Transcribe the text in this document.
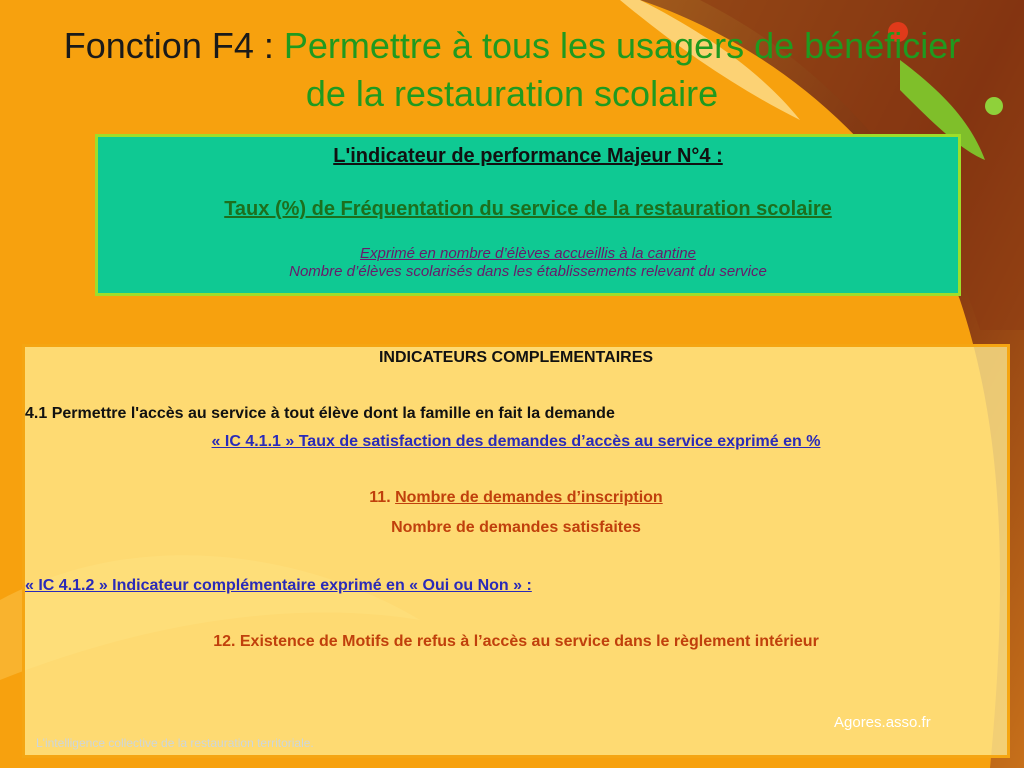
Fonction F4 : Permettre à tous les usagers de bénéficier de la restauration scolaire
L'indicateur de performance Majeur N°4 :
Taux (%) de Fréquentation du service de la restauration scolaire
Exprimé en nombre d’élèves accueillis à la cantine
Nombre d’élèves scolarisés dans les établissements relevant du service
INDICATEURS COMPLEMENTAIRES
4.1 Permettre l'accès au service à tout élève dont la famille en fait la demande
« IC 4.1.1 » Taux de satisfaction des demandes d’accès au service exprimé en %
11. Nombre de demandes d’inscription
Nombre de demandes satisfaites
« IC 4.1.2 » Indicateur complémentaire exprimé en « Oui ou Non » :
12. Existence de Motifs de refus à l’accès au service dans le règlement intérieur
Agores.asso.fr
L'intelligence collective de la restauration territoriale.
